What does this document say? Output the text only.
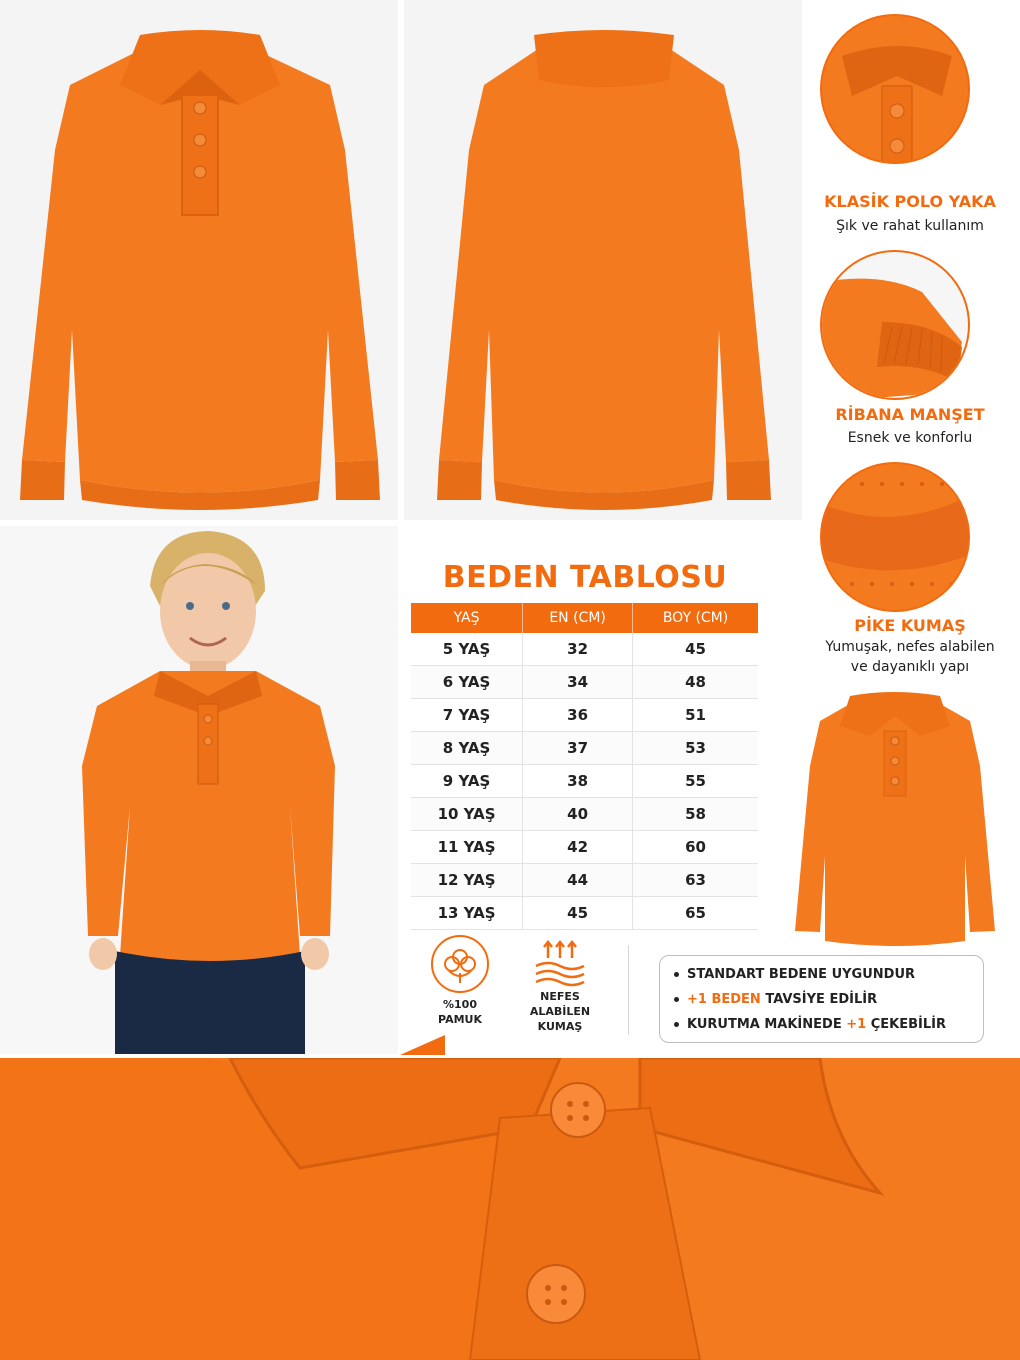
KLASİK POLO YAKA
Şık ve rahat kullanım
RİBANA MANŞET
Esnek ve konforlu
PİKE KUMAŞ
Yumuşak, nefes alabilen
ve dayanıklı yapı
BEDEN TABLOSU
YAŞ	EN (CM)	BOY (CM)
5 YAŞ	32	45
6 YAŞ	34	48
7 YAŞ	36	51
8 YAŞ	37	53
9 YAŞ	38	55
10 YAŞ	40	58
11 YAŞ	42	60
12 YAŞ	44	63
13 YAŞ	45	65
%100
PAMUK
NEFES
ALABİLEN
KUMAŞ
STANDART BEDENE UYGUNDUR
+1 BEDEN TAVSİYE EDİLİR
KURUTMA MAKİNEDE +1 ÇEKEBİLİR
